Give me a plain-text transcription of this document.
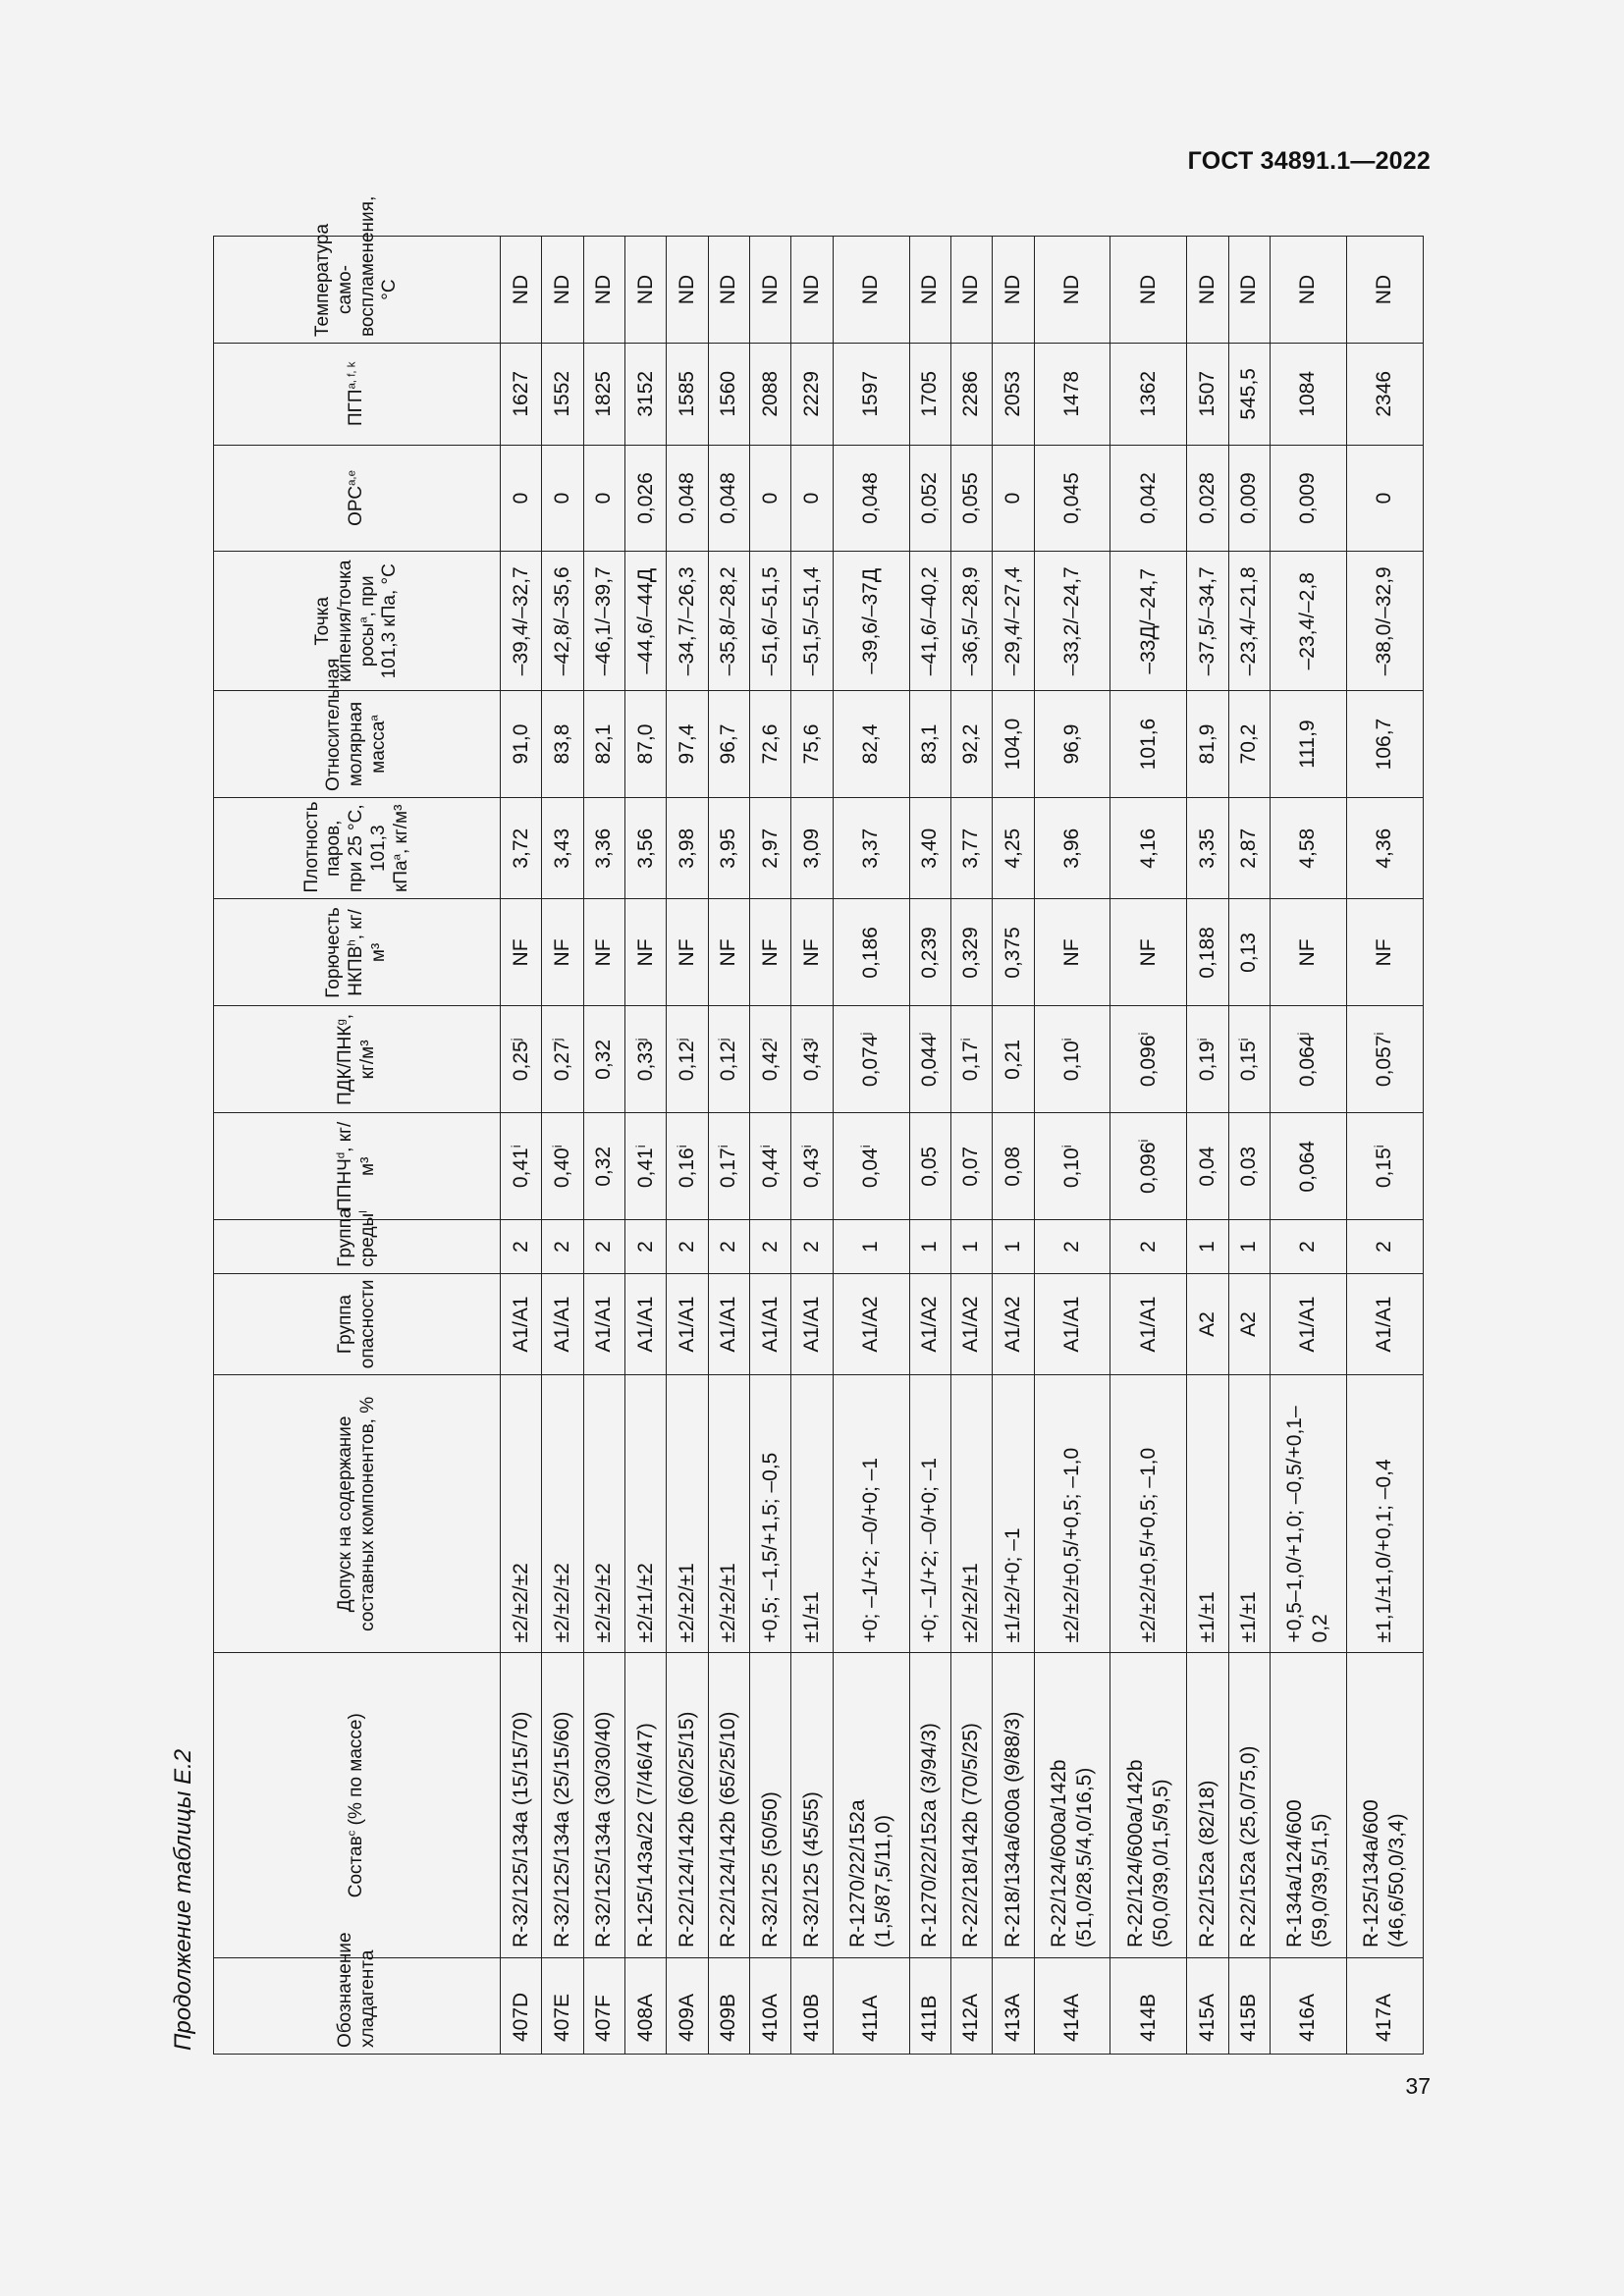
ГОСТ 34891.1—2022
Продолжение таблицы Е.2	Обозначение хладагента	Состав$^c$ (% по массе)	Допуск на содержание составных компонентов, %	Группа опасности	Группа среды$^l$	ППНЧ$^d$, кг/м³	ПДК/ПНК$^g$, кг/м³	Горючесть НКПВ$^h$, кг/м³	Плотность паров, при 25 °С, 101,3 кПа$^a$, кг/м³	Относительная молярная масса$^a$	Точка кипения/точка росы$^a$, при 101,3 кПа, °С	ОРС$^{a,e}$	ПГП$^{a, f, k}$	Температура само-воспламенения, °С
407D	R-32/125/134a (15/15/70)	±2/±2/±2	A1/A1	2	0,41$^i$	0,25$^j$	NF	3,72	91,0	–39,4/–32,7	0	1627	ND
407E	R-32/125/134a (25/15/60)	±2/±2/±2	A1/A1	2	0,40$^i$	0,27$^j$	NF	3,43	83,8	–42,8/–35,6	0	1552	ND
407F	R-32/125/134a (30/30/40)	±2/±2/±2	A1/A1	2	0,32	0,32	NF	3,36	82,1	–46,1/–39,7	0	1825	ND
408A	R-125/143a/22 (7/46/47)	±2/±1/±2	A1/A1	2	0,41$^i$	0,33$^j$	NF	3,56	87,0	–44,6/–44Д	0,026	3152	ND
409A	R-22/124/142b (60/25/15)	±2/±2/±1	A1/A1	2	0,16$^i$	0,12$^j$	NF	3,98	97,4	–34,7/–26,3	0,048	1585	ND
409B	R-22/124/142b (65/25/10)	±2/±2/±1	A1/A1	2	0,17$^i$	0,12$^j$	NF	3,95	96,7	–35,8/–28,2	0,048	1560	ND
410A	R-32/125 (50/50)	+0,5; –1,5/+1,5; –0,5	A1/A1	2	0,44$^i$	0,42$^j$	NF	2,97	72,6	–51,6/–51,5	0	2088	ND
410B	R-32/125 (45/55)	±1/±1	A1/A1	2	0,43$^i$	0,43$^j$	NF	3,09	75,6	–51,5/–51,4	0	2229	ND
411A	R-1270/22/152a (1,5/87,5/11,0)	+0; –1/+2; –0/+0; –1	A1/A2	1	0,04$^i$	0,074$^j$	0,186	3,37	82,4	–39,6/–37Д	0,048	1597	ND
411B	R-1270/22/152a (3/94/3)	+0; –1/+2; –0/+0; –1	A1/A2	1	0,05	0,044$^j$	0,239	3,40	83,1	–41,6/–40,2	0,052	1705	ND
412A	R-22/218/142b (70/5/25)	±2/±2/±1	A1/A2	1	0,07	0,17$^i$	0,329	3,77	92,2	–36,5/–28,9	0,055	2286	ND
413A	R-218/134a/600a (9/88/3)	±1/±2/+0; –1	A1/A2	1	0,08	0,21	0,375	4,25	104,0	–29,4/–27,4	0	2053	ND
414A	R-22/124/600a/142b (51,0/28,5/4,0/16,5)	±2/±2/±0,5/+0,5; –1,0	A1/A1	2	0,10$^i$	0,10$^i$	NF	3,96	96,9	–33,2/–24,7	0,045	1478	ND
414B	R-22/124/600a/142b (50,0/39,0/1,5/9,5)	±2/±2/±0,5/+0,5; –1,0	A1/A1	2	0,096$^i$	0,096$^i$	NF	4,16	101,6	–33Д/–24,7	0,042	1362	ND
415A	R-22/152a (82/18)	±1/±1	A2	1	0,04	0,19$^i$	0,188	3,35	81,9	–37,5/–34,7	0,028	1507	ND
415B	R-22/152a (25,0/75,0)	±1/±1	A2	1	0,03	0,15$^i$	0,13	2,87	70,2	–23,4/–21,8	0,009	545,5	ND
416A	R-134a/124/600 (59,0/39,5/1,5)	+0,5–1,0/+1,0; –0,5/+0,1–0,2	A1/A1	2	0,064	0,064$^j$	NF	4,58	111,9	–23,4/–2,8	0,009	1084	ND
417A	R-125/134a/600 (46,6/50,0/3,4)	±1,1/±1,0/+0,1; –0,4	A1/A1	2	0,15$^i$	0,057$^i$	NF	4,36	106,7	–38,0/–32,9	0	2346	ND
37
